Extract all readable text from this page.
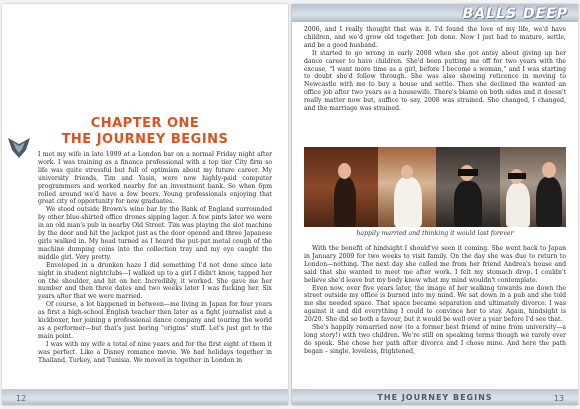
CHAPTER ONE
THE JOURNEY BEGINS

I met my wife in late 1999 at a London bar on a normal Friday night after work. I was training as a finance professional with a top tier City firm so life was quite stressful but full of optimism about my future career. My university friends, Tim and Yasin, were now highly-paid computer programmers and worked nearby for an investment bank. So when 6pm rolled around we'd have a few beers. Young professionals enjoying that great city of opportunity for new graduates.

We stood outside Brown's wine bar by the Bank of England surrounded by other blue-shirted office drones sipping lager. A few pints later we were in an old man's pub in nearby Old Street. Tim was playing the slot machine by the door and hit the jackpot just as the door opened and three Japanese girls walked in. My head turned as I heard the put-put metal cough of the machine dumping coins into the collection tray and my eye caught the middle girl. Very pretty.

Enveloped in a drunken haze I did something I'd not done since late night in student nightclubs—I walked up to a girl I didn't know, tapped her on the shoulder, and hit on her. Incredibly, it worked. She gave me her number and then three dates and two weeks later I was fucking her. Six years after that we were married.

Of course, a lot happened in between—me living in Japan for four years as first a high-school English teacher then later as a fight journalist and a kickboxer, her joining a professional dance company and touring the world as a performer—but that's just boring "origins" stuff. Let's just get to the main point.

I was with my wife a total of nine years and for the first eight of them it was perfect. Like a Disney romance movie. We had holidays together in Thailand, Turkey, and Tunisia. We moved in together in London in

12
BALLS DEEP

2006, and I really thought that was it. I'd found the love of my life, we'd have children, and we'd grow old together. Job done. Now I just had to mature, settle, and be a good husband.

It started to go wrong in early 2008 when she got antsy about giving up her dance career to have children. She'd been putting me off for two years with the excuse, "I want more time as a girl, before I become a woman," and I was starting to doubt she'd follow through. She was also showing reticence in moving to Newcastle with me to buy a house and settle. Then she declined the wanted an office job after two years as a housewife. There's blame on both sides and it doesn't really matter now but, suffice to say, 2008 was strained. She changed, I changed, and the marriage was strained.

happily married and thinking it would last forever

With the benefit of hindsight I should've seen it coming. She went back to Japan in January 2009 for two weeks to visit family. On the day she was due to return to London—nothing. The next day she called me from her friend Andrea's house and said that she wanted to meet me after work. I felt my stomach drop. I couldn't believe she'd leave but my body knew what my mind wouldn't contemplate.

Even now, over five years later, the image of her walking towards me down the street outside my office is burned into my mind. We sat down in a pub and she told me she needed space. That space became separation and ultimately divorce. I was against it and did everything I could to convince her to stay. Again, hindsight is 20/20. She did so both a favour, but it would be well over a year before I'd see that.

She's happily remarried now (to a former best friend of mine from university—a long story!) with two children. We're still on speaking terms though we rarely ever do speak. She chose her path after divorce and I chose mine. And here the path began – single, loveless, frightened,

THE JOURNEY BEGINS	13
